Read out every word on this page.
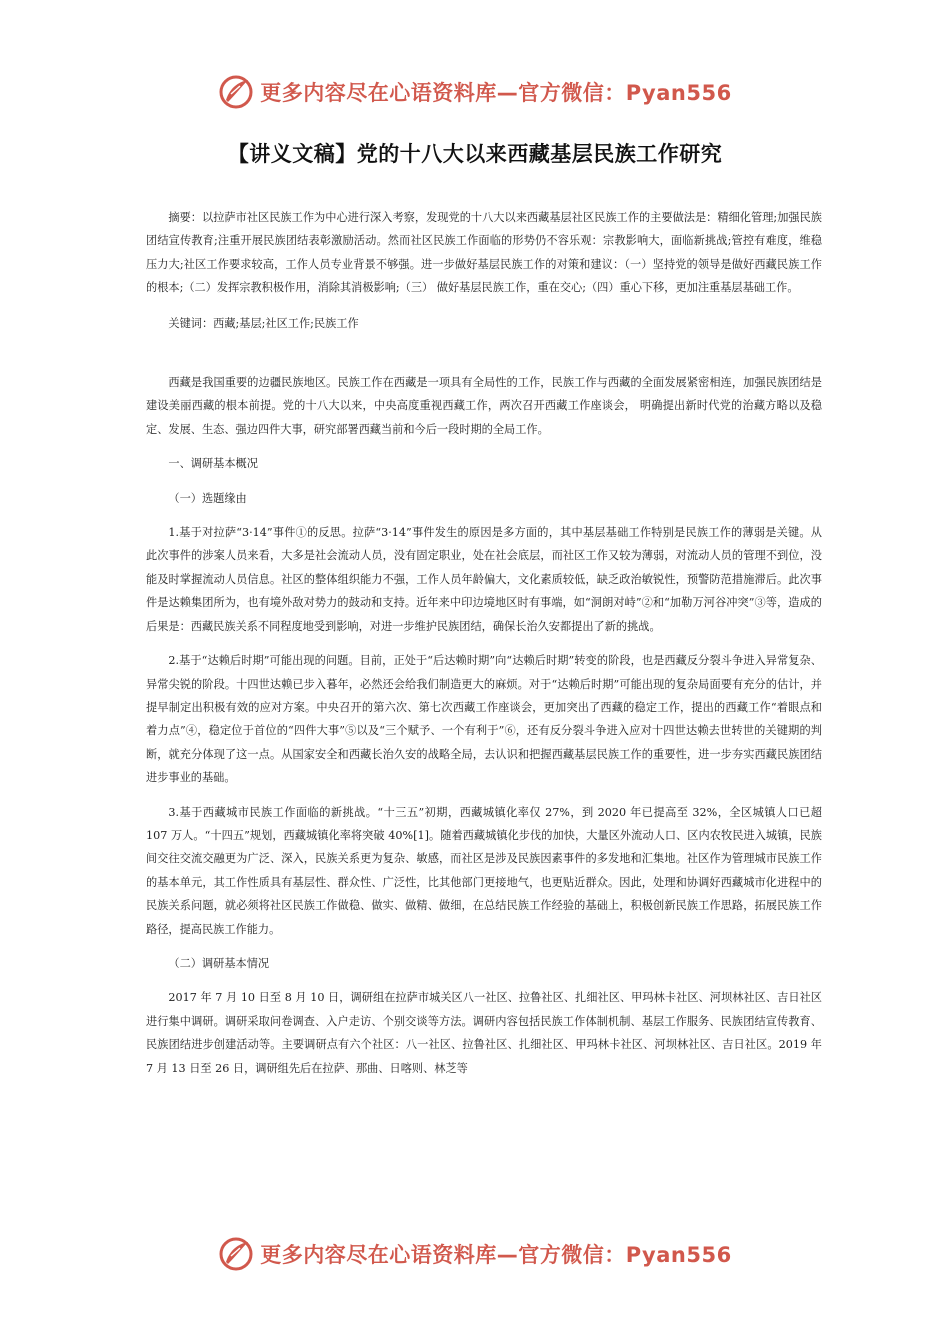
更多内容尽在心语资料库—官方微信：Pyan556
【讲义文稿】党的十八大以来西藏基层民族工作研究

摘要：以拉萨市社区民族工作为中心进行深入考察，发现党的十八大以来西藏基层社区民族工作的主要做法是：精细化管理;加强民族团结宣传教育;注重开展民族团结表彰激励活动。然而社区民族工作面临的形势仍不容乐观：宗教影响大，面临新挑战;管控有难度，维稳压力大;社区工作要求较高，工作人员专业背景不够强。进一步做好基层民族工作的对策和建议：（一）坚持党的领导是做好西藏民族工作的根本;（二）发挥宗教积极作用，消除其消极影响;（三） 做好基层民族工作，重在交心;（四）重心下移，更加注重基层基础工作。

关键词：西藏;基层;社区工作;民族工作

西藏是我国重要的边疆民族地区。民族工作在西藏是一项具有全局性的工作，民族工作与西藏的全面发展紧密相连，加强民族团结是建设美丽西藏的根本前提。党的十八大以来，中央高度重视西藏工作，两次召开西藏工作座谈会， 明确提出新时代党的治藏方略以及稳定、发展、生态、强边四件大事，研究部署西藏当前和今后一段时期的全局工作。

一、调研基本概况

（一）选题缘由

1.基于对拉萨“3·14”事件①的反思。拉萨“3·14”事件发生的原因是多方面的，其中基层基础工作特别是民族工作的薄弱是关键。从此次事件的涉案人员来看，大多是社会流动人员，没有固定职业，处在社会底层，而社区工作又较为薄弱，对流动人员的管理不到位，没能及时掌握流动人员信息。社区的整体组织能力不强，工作人员年龄偏大，文化素质较低，缺乏政治敏锐性，预警防范措施滞后。此次事件是达赖集团所为，也有境外敌对势力的鼓动和支持。近年来中印边境地区时有事端，如“洞朗对峙”②和“加勒万河谷冲突”③等，造成的后果是：西藏民族关系不同程度地受到影响，对进一步维护民族团结，确保长治久安都提出了新的挑战。

2.基于“达赖后时期”可能出现的问题。目前，正处于“后达赖时期”向“达赖后时期”转变的阶段，也是西藏反分裂斗争进入异常复杂、异常尖锐的阶段。十四世达赖已步入暮年，必然还会给我们制造更大的麻烦。对于“达赖后时期”可能出现的复杂局面要有充分的估计，并提早制定出积极有效的应对方案。中央召开的第六次、第七次西藏工作座谈会，更加突出了西藏的稳定工作，提出的西藏工作“着眼点和着力点”④，稳定位于首位的“四件大事”⑤以及“三个赋予、一个有利于”⑥，还有反分裂斗争进入应对十四世达赖去世转世的关键期的判断，就充分体现了这一点。从国家安全和西藏长治久安的战略全局，去认识和把握西藏基层民族工作的重要性，进一步夯实西藏民族团结进步事业的基础。

3.基于西藏城市民族工作面临的新挑战。“十三五”初期，西藏城镇化率仅 27%，到 2020 年已提高至 32%，全区城镇人口已超 107 万人。“十四五”规划，西藏城镇化率将突破 40%[1]。随着西藏城镇化步伐的加快，大量区外流动人口、区内农牧民进入城镇，民族间交往交流交融更为广泛、深入，民族关系更为复杂、敏感，而社区是涉及民族因素事件的多发地和汇集地。社区作为管理城市民族工作的基本单元，其工作性质具有基层性、群众性、广泛性，比其他部门更接地气，也更贴近群众。因此，处理和协调好西藏城市化进程中的民族关系问题，就必须将社区民族工作做稳、做实、做精、做细，在总结民族工作经验的基础上，积极创新民族工作思路，拓展民族工作路径，提高民族工作能力。

（二）调研基本情况

2017 年 7 月 10 日至 8 月 10 日，调研组在拉萨市城关区八一社区、拉鲁社区、扎细社区、甲玛林卡社区、河坝林社区、吉日社区进行集中调研。调研采取问卷调查、入户走访、个别交谈等方法。调研内容包括民族工作体制机制、基层工作服务、民族团结宣传教育、民族团结进步创建活动等。主要调研点有六个社区：八一社区、拉鲁社区、扎细社区、甲玛林卡社区、河坝林社区、吉日社区。2019 年 7 月 13 日至 26 日，调研组先后在拉萨、那曲、日喀则、林芝等

更多内容尽在心语资料库—官方微信：Pyan556
